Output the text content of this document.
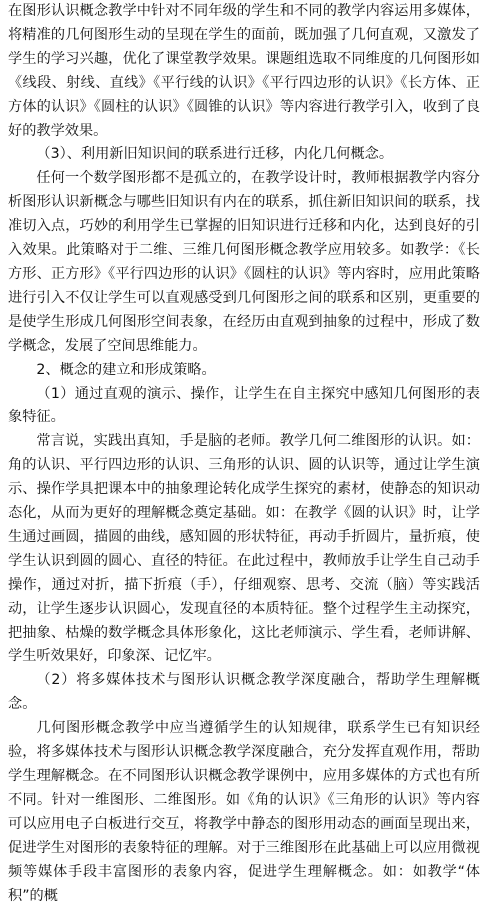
在图形认识概念教学中针对不同年级的学生和不同的教学内容运用多媒体，将精准的几何图形生动的呈现在学生的面前，既加强了几何直观，又激发了学生的学习兴趣，优化了课堂教学效果。课题组选取不同维度的几何图形如《线段、射线、直线》《平行线的认识》《平行四边形的认识》《长方体、正方体的认识》《圆柱的认识》《圆锥的认识》等内容进行教学引入，收到了良好的教学效果。

（3）、利用新旧知识间的联系进行迁移，内化几何概念。

任何一个数学图形都不是孤立的，在教学设计时，教师根据教学内容分析图形认识新概念与哪些旧知识有内在的联系，抓住新旧知识间的联系，找准切入点，巧妙的利用学生已掌握的旧知识进行迁移和内化，达到良好的引入效果。此策略对于二维、三维几何图形概念教学应用较多。如教学：《长方形、正方形》《平行四边形的认识》《圆柱的认识》等内容时，应用此策略进行引入不仅让学生可以直观感受到几何图形之间的联系和区别，更重要的是使学生形成几何图形空间表象，在经历由直观到抽象的过程中，形成了数学概念，发展了空间思维能力。

2、概念的建立和形成策略。

（1）通过直观的演示、操作，让学生在自主探究中感知几何图形的表象特征。

常言说，实践出真知，手是脑的老师。教学几何二维图形的认识。如：角的认识、平行四边形的认识、三角形的认识、圆的认识等，通过让学生演示、操作学具把课本中的抽象理论转化成学生探究的素材，使静态的知识动态化，从而为更好的理解概念奠定基础。如：在教学《圆的认识》时，让学生通过画圆，描圆的曲线，感知圆的形状特征，再动手折圆片，量折痕，使学生认识到圆的圆心、直径的特征。在此过程中，教师放手让学生自己动手操作，通过对折，描下折痕（手），仔细观察、思考、交流（脑）等实践活动，让学生逐步认识圆心，发现直径的本质特征。整个过程学生主动探究，把抽象、枯燥的数学概念具体形象化，这比老师演示、学生看，老师讲解、学生听效果好，印象深、记忆牢。

（2）将多媒体技术与图形认识概念教学深度融合，帮助学生理解概念。

几何图形概念教学中应当遵循学生的认知规律，联系学生已有知识经验，将多媒体技术与图形认识概念教学深度融合，充分发挥直观作用，帮助学生理解概念。在不同图形认识概念教学课例中，应用多媒体的方式也有所不同。针对一维图形、二维图形。如《角的认识》《三角形的认识》等内容可以应用电子白板进行交互，将教学中静态的图形用动态的画面呈现出来，促进学生对图形的表象特征的理解。对于三维图形在此基础上可以应用微视频等媒体手段丰富图形的表象内容，促进学生理解概念。如：如教学“体积”的概
